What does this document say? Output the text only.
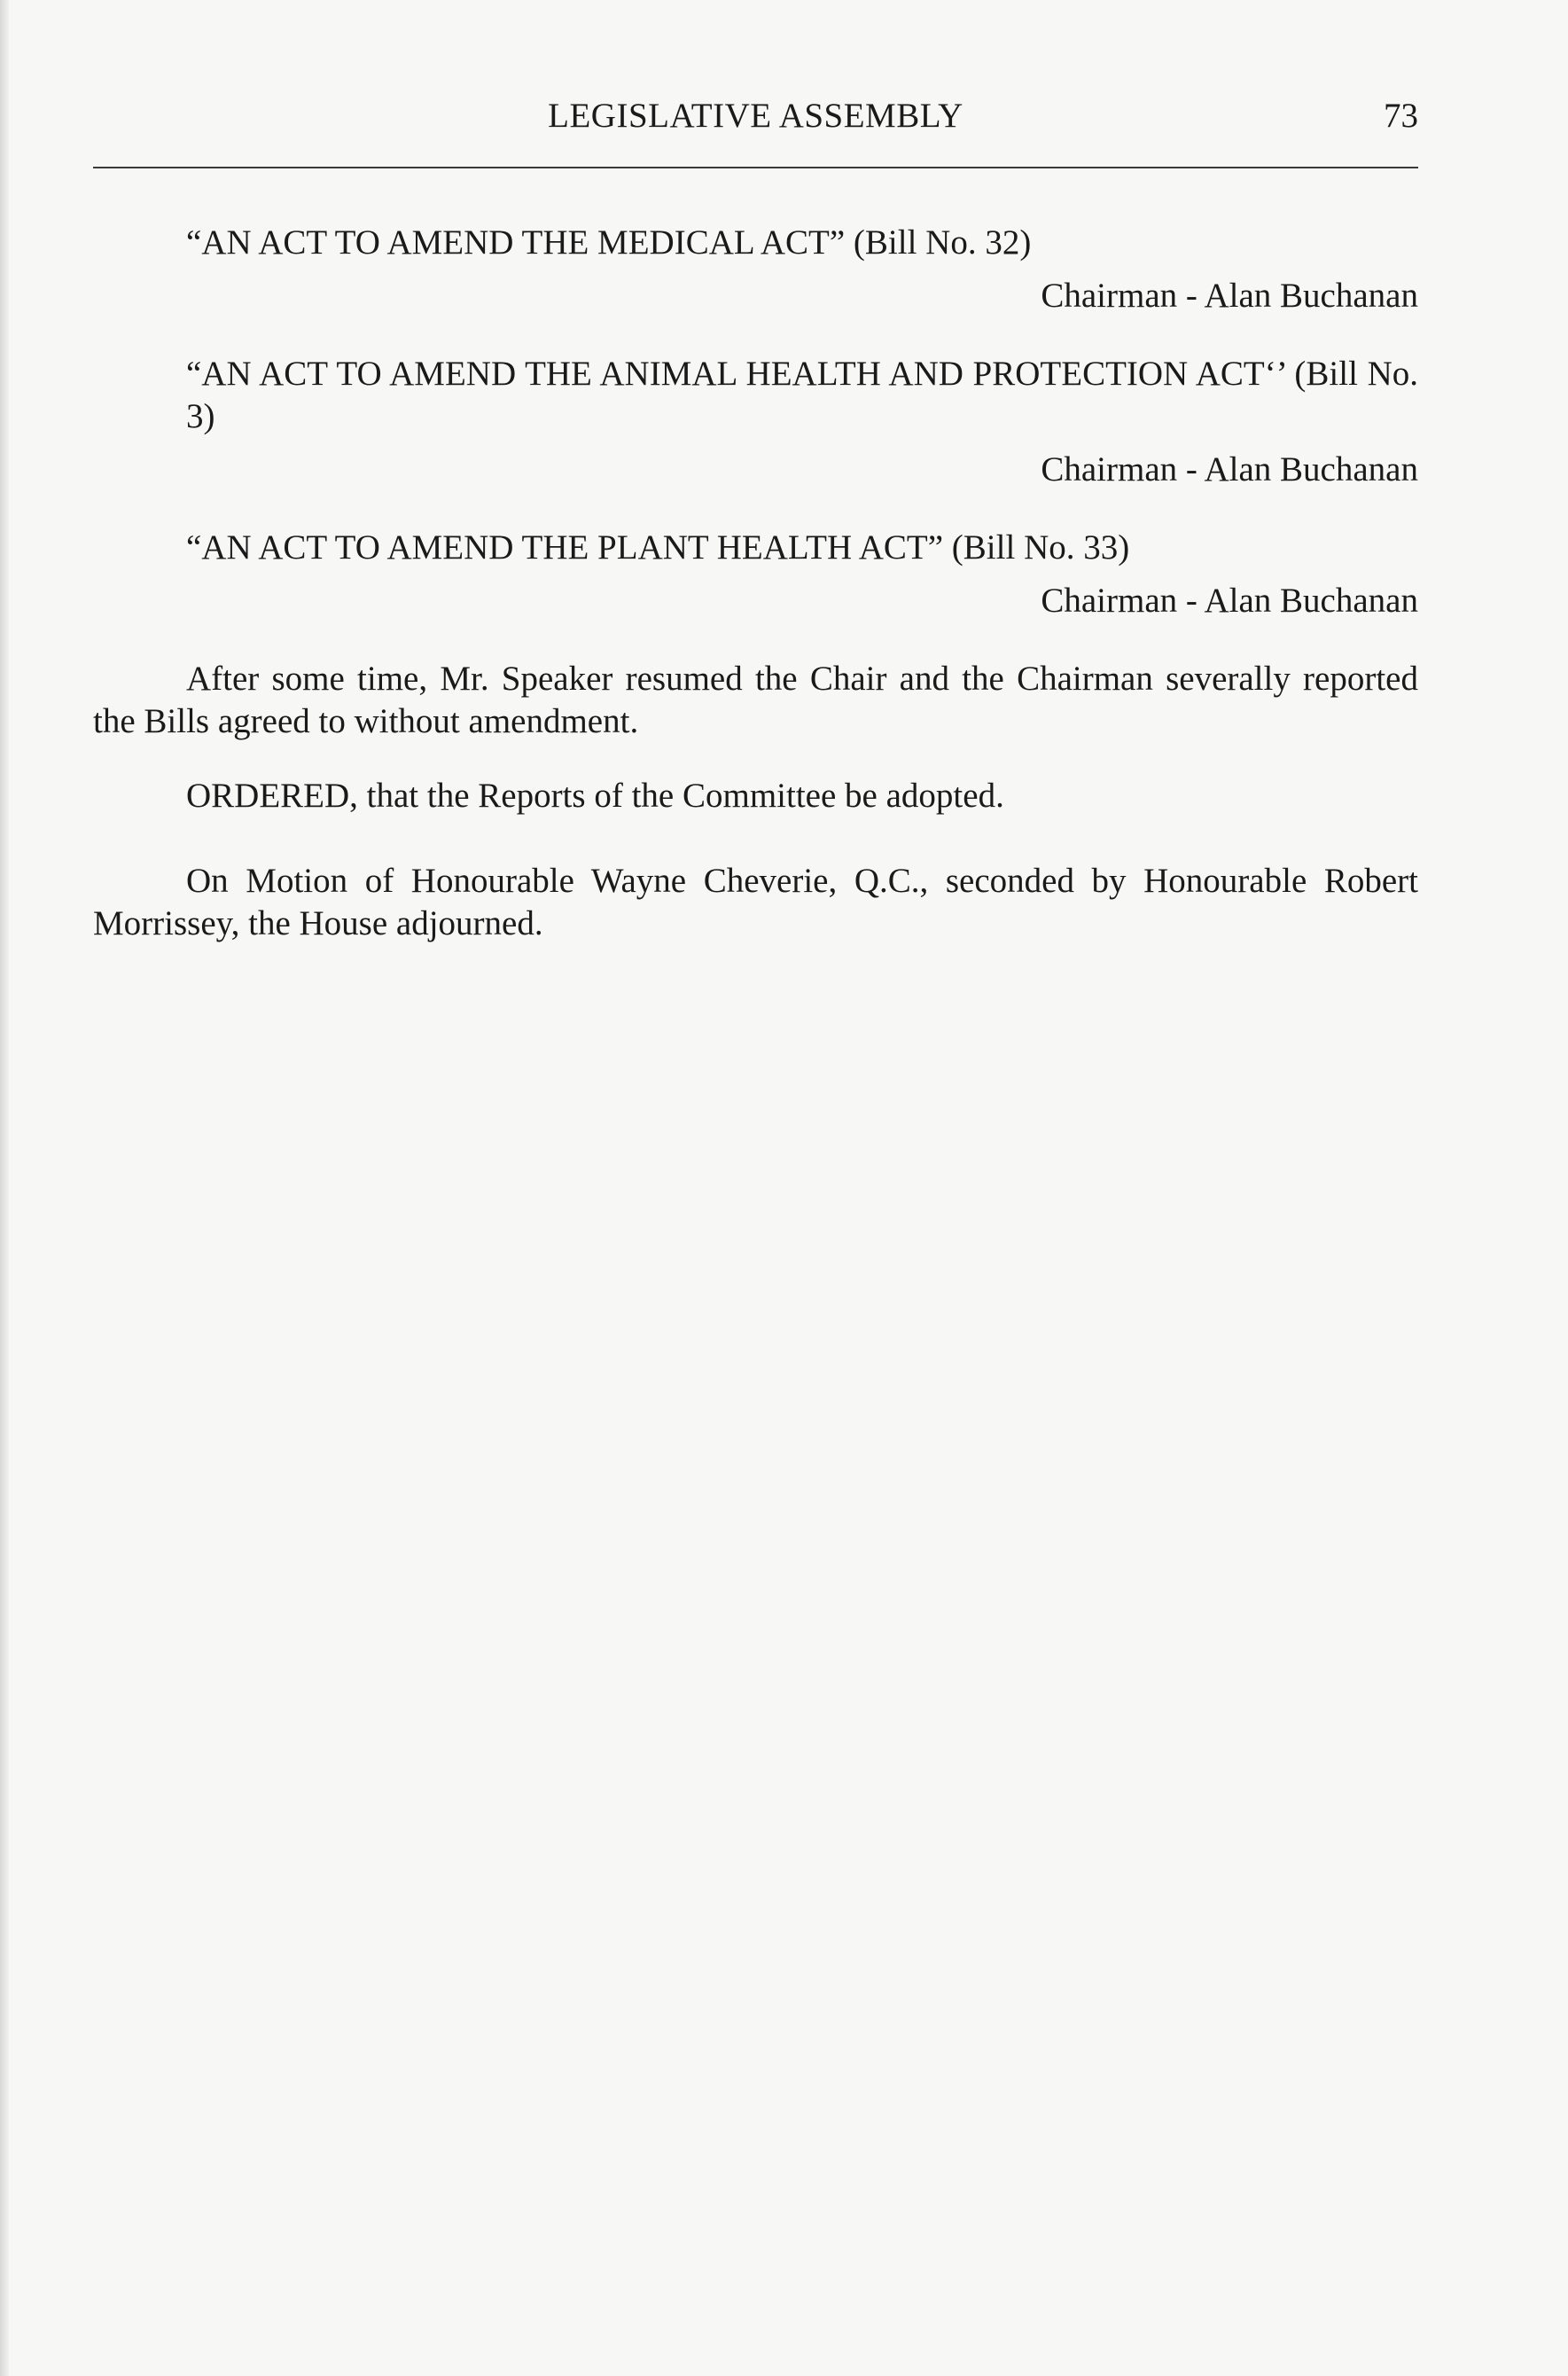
LEGISLATIVE ASSEMBLY	73

“AN ACT TO AMEND THE MEDICAL ACT” (Bill No. 32)

Chairman - Alan Buchanan

“AN ACT TO AMEND THE ANIMAL HEALTH AND PROTECTION ACT‘’ (Bill No. 3)

Chairman - Alan Buchanan

“AN ACT TO AMEND THE PLANT HEALTH ACT” (Bill No. 33)

Chairman - Alan Buchanan

After some time, Mr. Speaker resumed the Chair and the Chairman severally reported the Bills agreed to without amendment.

ORDERED, that the Reports of the Committee be adopted.

On Motion of Honourable Wayne Cheverie, Q.C., seconded by Honourable Robert Morrissey, the House adjourned.
